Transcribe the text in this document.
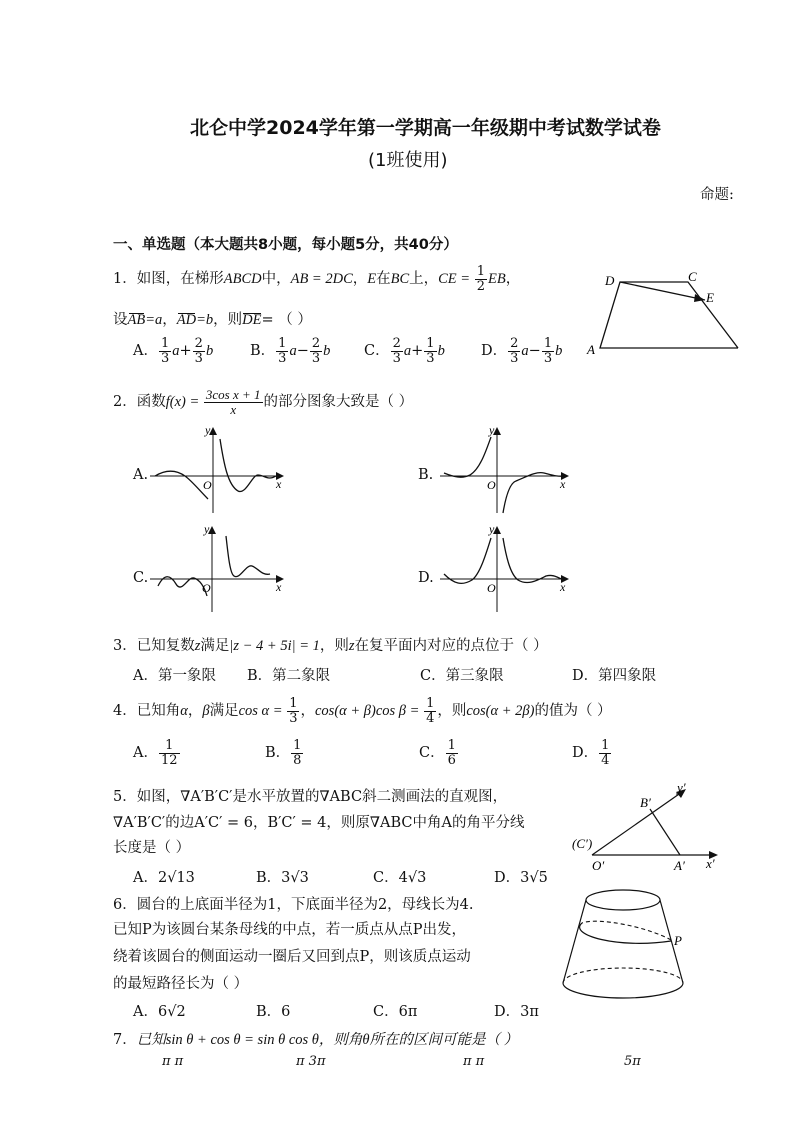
北仑中学2024学年第一学期高一年级期中考试数学试卷
(1班使用)
命题:
一、单选题（本大题共8小题，每小题5分，共40分）
1．如图，在梯形ABCD中，AB = 2DC，E在BC上，CE = $\frac{1}{2}$ EB，
设AB=a，AD=b，则DE= （ ）
A． $\frac{1}{3} a+ \frac{2}{3}$ b	B． $\frac{1}{3} a- \frac{2}{3}$ b C． $\frac{2}{3} a+ \frac{1}{3}$ b D． $\frac{2}{3} a- \frac{1}{3}$ b
D	C
E
A
2．函数$f(x) = \frac{\text{3cos x + 1}}{x}$ 的部分图象大致是（ ）
A.
y
x
O
B.
y
x
O
C.
y
x
O
D.
y
x
O
3．已知复数z满足|z − 4 + 5i| = 1，则z在复平面内对应的点位于（ ）
A．第一象限 B．第二象限	C．第三象限	D．第四象限
4．已知角α，β满足$\cos \alpha = \frac{1}{3}$ ，cos(α + β)cos $\beta = \frac{1}{4}$ ，则cos(α + 2β)的值为（ ）
A． $\frac{1}{12}$	B． $\frac{1}{8}$	C． $\frac{1}{6}$	D． $\frac{1}{4}$
5．如图，∇A′B′C′是水平放置的∇ABC斜二测画法的直观图，
∇A′B′C′的边A′C′ = 6，B′C′ = 4，则原∇ABC中角A的角平分线
长度是（ ）
A．2√13	B．3√3	C．4√3	D．3√5
B′
y′
(C′)
O′	A′ x′
6．圆台的上底面半径为1，下底面半径为2，母线长为4.
已知P为该圆台某条母线的中点，若一质点从点P出发，
绕着该圆台的侧面运动一圈后又回到点P，则该质点运动
的最短路径长为（ ）
A．6√2	B．6	C．6π	D．3π
P
7．已知sin θ + cos θ = sin θ cos θ，则角θ所在的区间可能是（ ）
π π	π 3π	π π	5π
